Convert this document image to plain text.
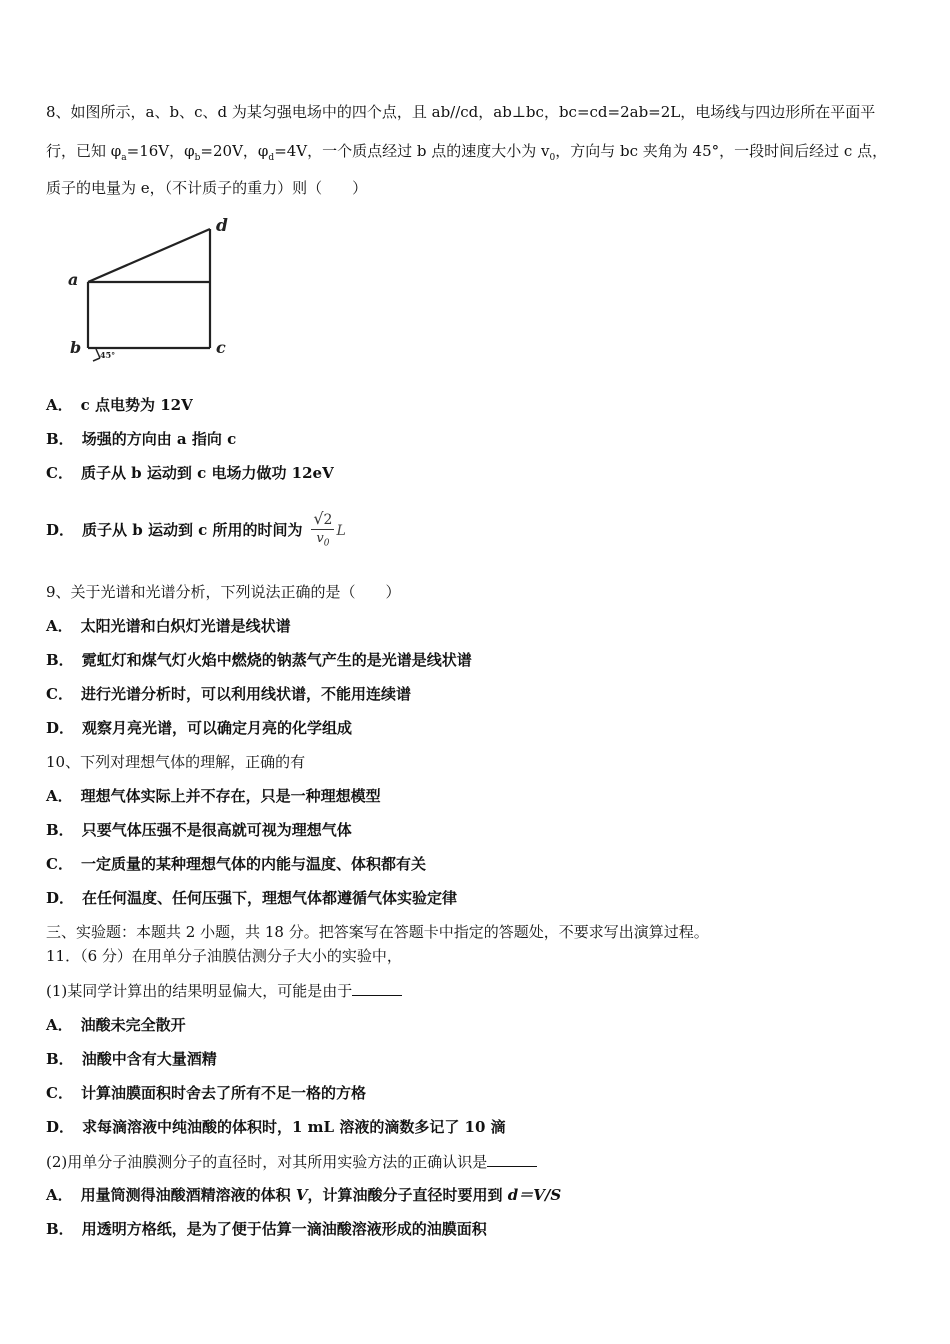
8、如图所示，a、b、c、d 为某匀强电场中的四个点，且 ab//cd，ab⊥bc，bc=cd=2ab=2L，电场线与四边形所在平面平

行，已知 $\varphi_a=16V$，$\varphi_b=20V$，$\varphi_d=4V$，一个质点经过 b 点的速度大小为 $v_0$，方向与 bc 夹角为 45°，一段时间后经过 c 点，

质子的电量为 e，（不计质子的重力）则（　　）

a
b	c
d
45°

A． c 点电势为 12V

B． 场强的方向由 a 指向 c

C． 质子从 b 运动到 c 电场力做功 12eV

D． 质子从 b 运动到 c 所用的时间为 $\frac{√2}{v_0}$ L

9、关于光谱和光谱分析，下列说法正确的是（　　）

A． 太阳光谱和白炽灯光谱是线状谱

B． 霓虹灯和煤气灯火焰中燃烧的钠蒸气产生的是光谱是线状谱

C． 进行光谱分析时，可以利用线状谱，不能用连续谱

D． 观察月亮光谱，可以确定月亮的化学组成

10、下列对理想气体的理解，正确的有

A． 理想气体实际上并不存在，只是一种理想模型

B． 只要气体压强不是很高就可视为理想气体

C． 一定质量的某种理想气体的内能与温度、体积都有关

D． 在任何温度、任何压强下，理想气体都遵循气体实验定律

三、实验题：本题共 2 小题，共 18 分。把答案写在答题卡中指定的答题处，不要求写出演算过程。

11．（6 分）在用单分子油膜估测分子大小的实验中，

(1)某同学计算出的结果明显偏大，可能是由于

A． 油酸未完全散开

B． 油酸中含有大量酒精

C． 计算油膜面积时舍去了所有不足一格的方格

D． 求每滴溶液中纯油酸的体积时，1 mL 溶液的滴数多记了 10 滴

(2)用单分子油膜测分子的直径时，对其所用实验方法的正确认识是

A． 用量筒测得油酸酒精溶液的体积 V，计算油酸分子直径时要用到 d＝V/S

B． 用透明方格纸，是为了便于估算一滴油酸溶液形成的油膜面积
